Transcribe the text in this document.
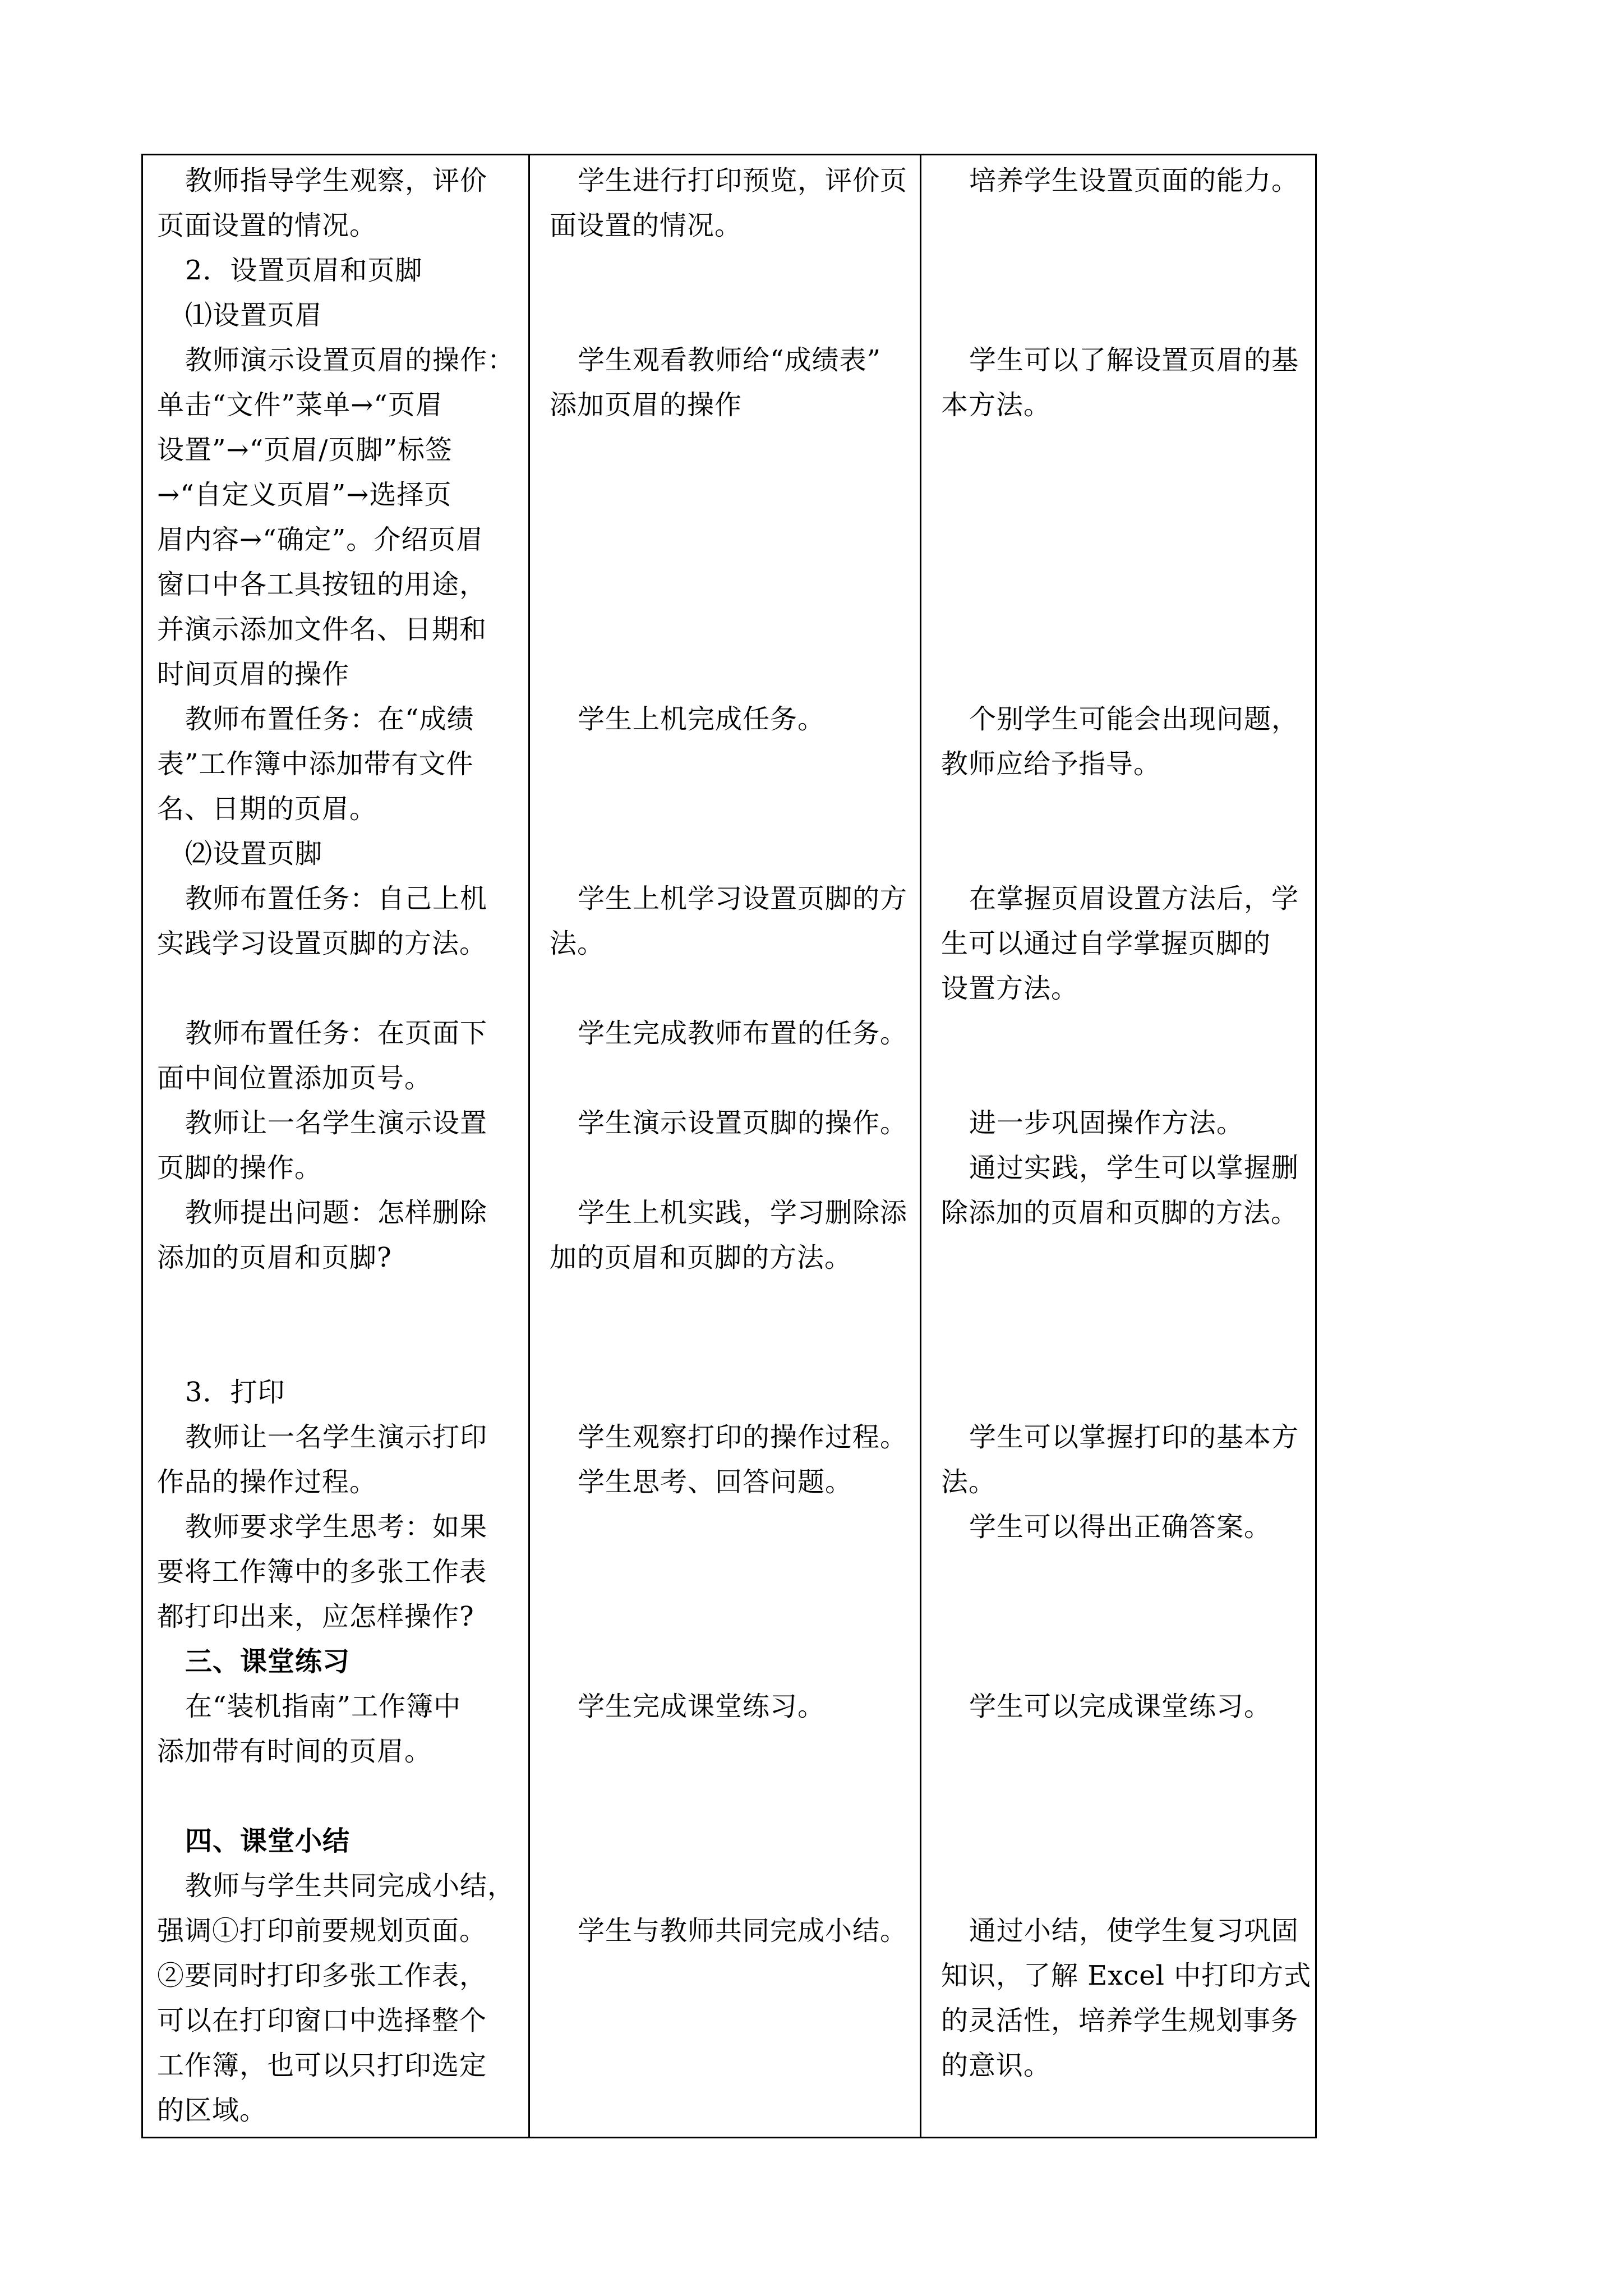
教师指导学生观察，评价
页面设置的情况。
2．设置页眉和页脚
⑴设置页眉
教师演示设置页眉的操作：
单击“文件”菜单→“页眉
设置”→“页眉/页脚”标签
→“自定义页眉”→选择页
眉内容→“确定”。介绍页眉
窗口中各工具按钮的用途，
并演示添加文件名、日期和
时间页眉的操作
教师布置任务：在“成绩
表”工作簿中添加带有文件
名、日期的页眉。
⑵设置页脚
教师布置任务：自己上机
实践学习设置页脚的方法。
教师布置任务：在页面下
面中间位置添加页号。
教师让一名学生演示设置
页脚的操作。
教师提出问题：怎样删除
添加的页眉和页脚?
3．打印
教师让一名学生演示打印
作品的操作过程。
教师要求学生思考：如果
要将工作簿中的多张工作表
都打印出来，应怎样操作?
三、课堂练习
在“装机指南”工作簿中
添加带有时间的页眉。
四、课堂小结
教师与学生共同完成小结，
强调①打印前要规划页面。
②要同时打印多张工作表，
可以在打印窗口中选择整个
工作簿，也可以只打印选定
的区域。
学生进行打印预览，评价页
面设置的情况。
学生观看教师给“成绩表”
添加页眉的操作
学生上机完成任务。
学生上机学习设置页脚的方
法。
学生完成教师布置的任务。
学生演示设置页脚的操作。
学生上机实践，学习删除添
加的页眉和页脚的方法。
学生观察打印的操作过程。
学生思考、回答问题。
学生完成课堂练习。
学生与教师共同完成小结。
培养学生设置页面的能力。
学生可以了解设置页眉的基
本方法。
个别学生可能会出现问题，
教师应给予指导。
在掌握页眉设置方法后，学
生可以通过自学掌握页脚的
设置方法。
进一步巩固操作方法。
通过实践，学生可以掌握删
除添加的页眉和页脚的方法。
学生可以掌握打印的基本方
法。
学生可以得出正确答案。
学生可以完成课堂练习。
通过小结，使学生复习巩固
知识，了解 Excel 中打印方式
的灵活性，培养学生规划事务
的意识。
